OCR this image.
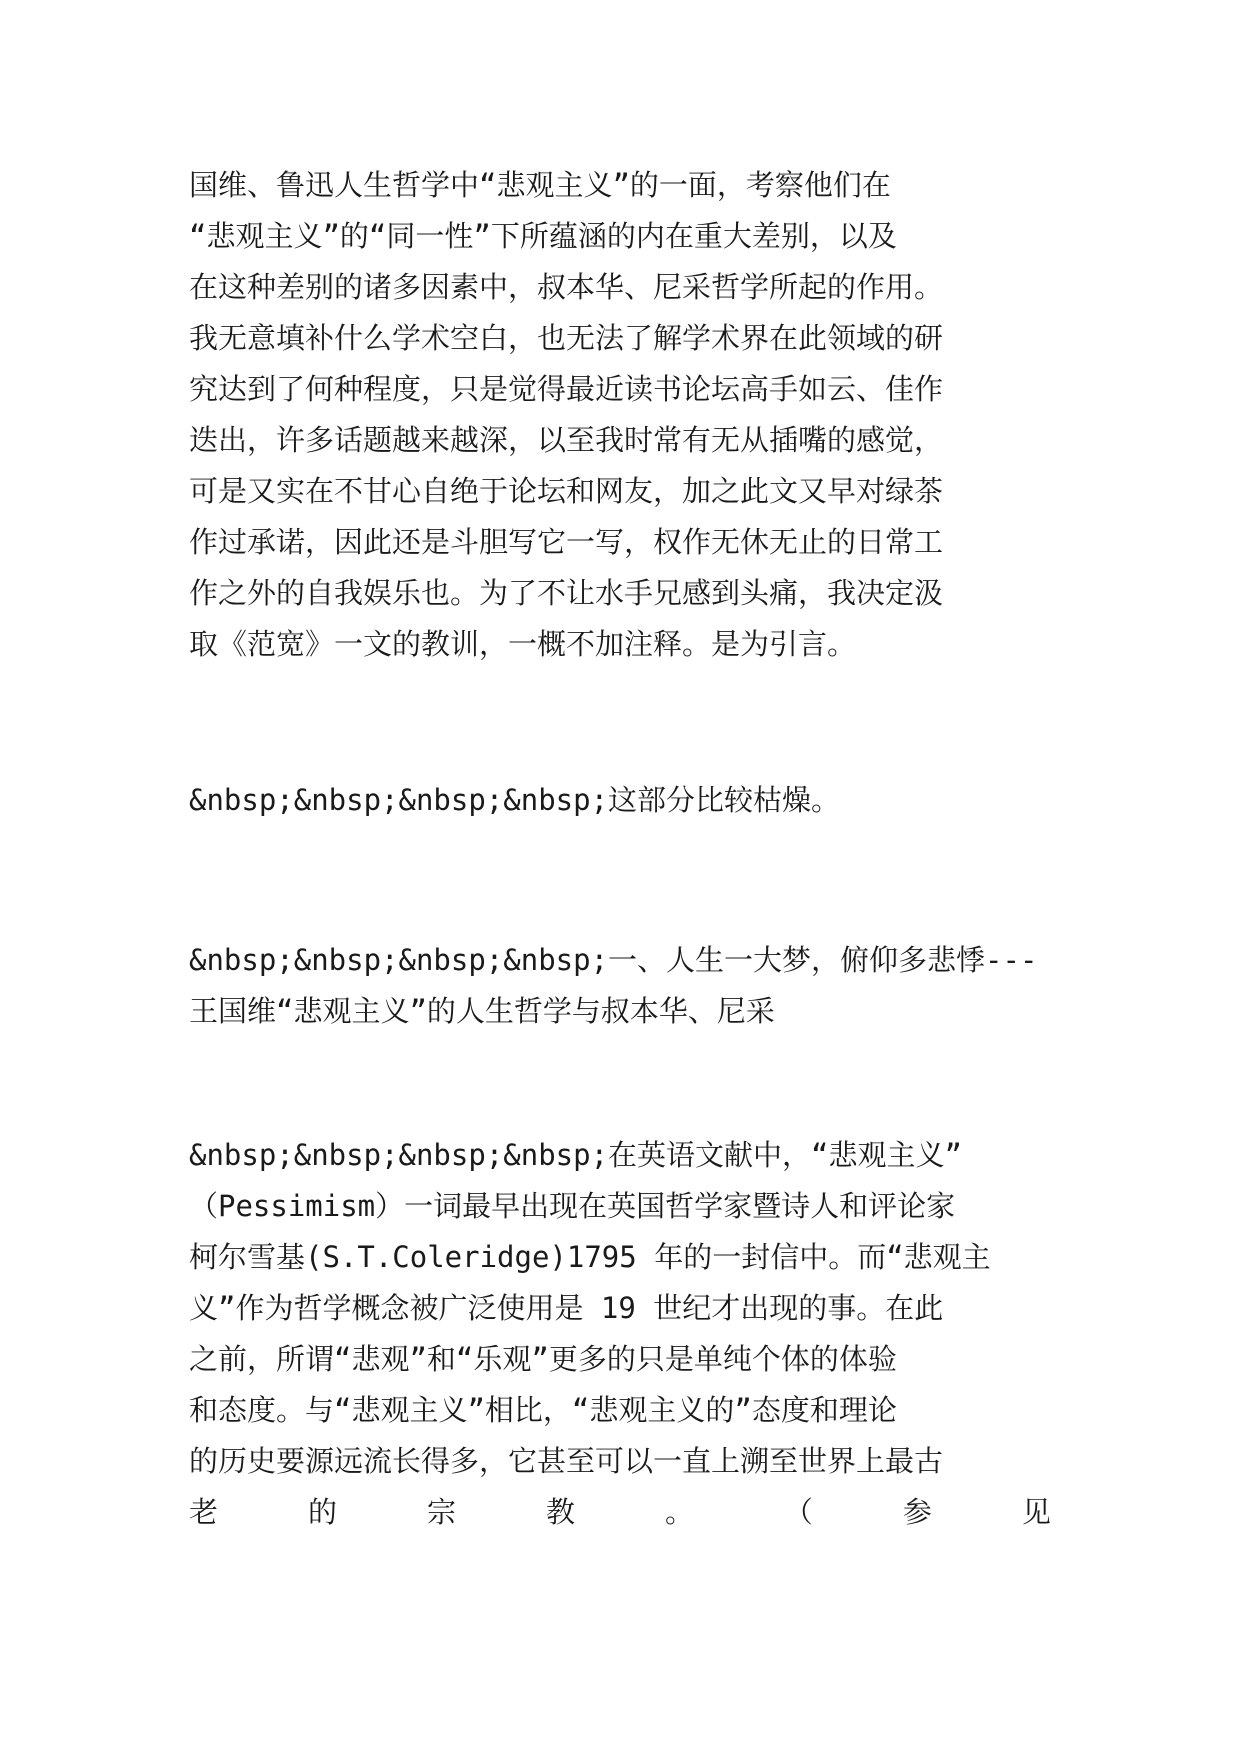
国维、鲁迅人生哲学中“悲观主义”的一面，考察他们在
“悲观主义”的“同一性”下所蕴涵的内在重大差别，以及
在这种差别的诸多因素中，叔本华、尼采哲学所起的作用。
我无意填补什么学术空白，也无法了解学术界在此领域的研
究达到了何种程度，只是觉得最近读书论坛高手如云、佳作
迭出，许多话题越来越深，以至我时常有无从插嘴的感觉，
可是又实在不甘心自绝于论坛和网友，加之此文又早对绿茶
作过承诺，因此还是斗胆写它一写，权作无休无止的日常工
作之外的自我娱乐也。为了不让水手兄感到头痛，我决定汲
取《范宽》一文的教训，一概不加注释。是为引言。
&nbsp;&nbsp;&nbsp;&nbsp;这部分比较枯燥。
&nbsp;&nbsp;&nbsp;&nbsp;一、人生一大梦，俯仰多悲悸---
王国维“悲观主义”的人生哲学与叔本华、尼采
&nbsp;&nbsp;&nbsp;&nbsp;在英语文献中，“悲观主义”
（Pessimism）一词最早出现在英国哲学家暨诗人和评论家
柯尔雪基(S.T.Coleridge)1795 年的一封信中。而“悲观主
义”作为哲学概念被广泛使用是 19 世纪才出现的事。在此
之前，所谓“悲观”和“乐观”更多的只是单纯个体的体验
和态度。与“悲观主义”相比，“悲观主义的”态度和理论
的历史要源远流长得多，它甚至可以一直上溯至世界上最古
老	的	宗	教	。	（	参	见
